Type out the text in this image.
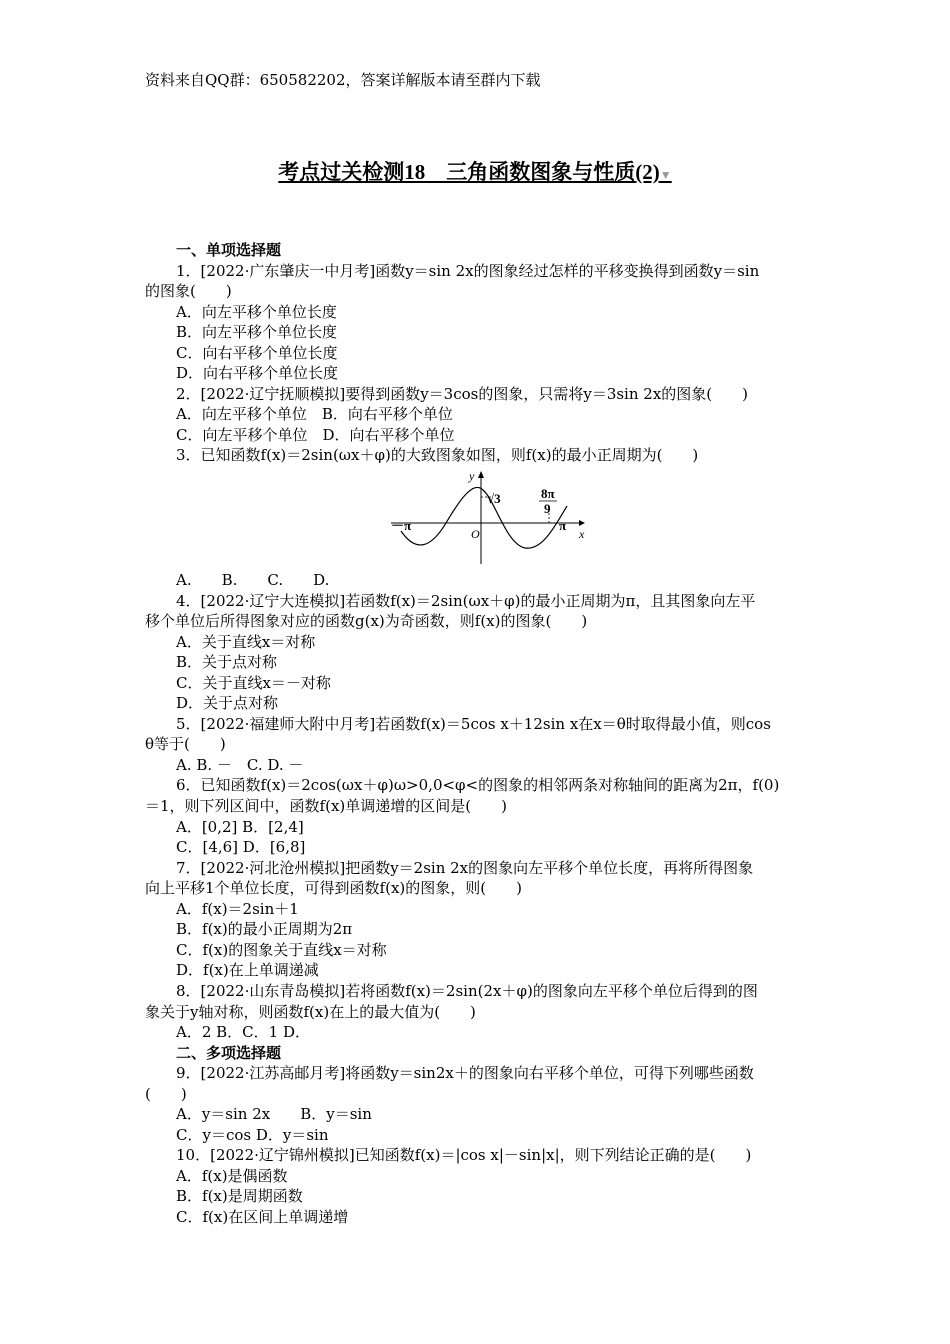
资料来自QQ群：650582202，答案详解版本请至群内下载
考点过关检测18　三角函数图象与性质(2)▼
一、单项选择题
1．[2022·广东肇庆一中月考]函数y＝sin 2x的图象经过怎样的平移变换得到函数y＝sin
的图象(　　)
A．向左平移个单位长度
B．向左平移个单位长度
C．向右平移个单位长度
D．向右平移个单位长度
2．[2022·辽宁抚顺模拟]要得到函数y＝3cos的图象，只需将y＝3sin 2x的图象(　　)
A．向左平移个单位　B．向右平移个单位
C．向左平移个单位　D．向右平移个单位
3．已知函数f(x)＝2sin(ωx＋φ)的大致图象如图，则f(x)的最小正周期为(　　)
y
x
O
√3	8π
9
－π	π
A.　　B.　　C.　　D.
4．[2022·辽宁大连模拟]若函数f(x)＝2sin(ωx＋φ)的最小正周期为π，且其图象向左平
移个单位后所得图象对应的函数g(x)为奇函数，则f(x)的图象(　　)
A．关于直线x＝对称
B．关于点对称
C．关于直线x＝－对称
D．关于点对称
5．[2022·福建师大附中月考]若函数f(x)＝5cos x＋12sin x在x＝θ时取得最小值，则cos
θ等于(　　)
A. B. －　C. D. －
6．已知函数f(x)＝2cos(ωx＋φ)ω>0,0<φ<的图象的相邻两条对称轴间的距离为2π，f(0)
＝1，则下列区间中，函数f(x)单调递增的区间是(　　)
A．[0,2] B．[2,4]
C．[4,6] D．[6,8]
7．[2022·河北沧州模拟]把函数y＝2sin 2x的图象向左平移个单位长度，再将所得图象
向上平移1个单位长度，可得到函数f(x)的图象，则(　　)
A．f(x)＝2sin＋1
B．f(x)的最小正周期为2π
C．f(x)的图象关于直线x＝对称
D．f(x)在上单调递减
8．[2022·山东青岛模拟]若将函数f(x)＝2sin(2x＋φ)的图象向左平移个单位后得到的图
象关于y轴对称，则函数f(x)在上的最大值为(　　)
A．2 B．C．1 D．
二、多项选择题
9．[2022·江苏高邮月考]将函数y＝sin2x＋的图象向右平移个单位，可得下列哪些函数
(　　)
A．y＝sin 2x　　B．y＝sin
C．y＝cos D．y＝sin
10．[2022·辽宁锦州模拟]已知函数f(x)＝|cos x|－sin|x|，则下列结论正确的是(　　)
A．f(x)是偶函数
B．f(x)是周期函数
C．f(x)在区间上单调递增
